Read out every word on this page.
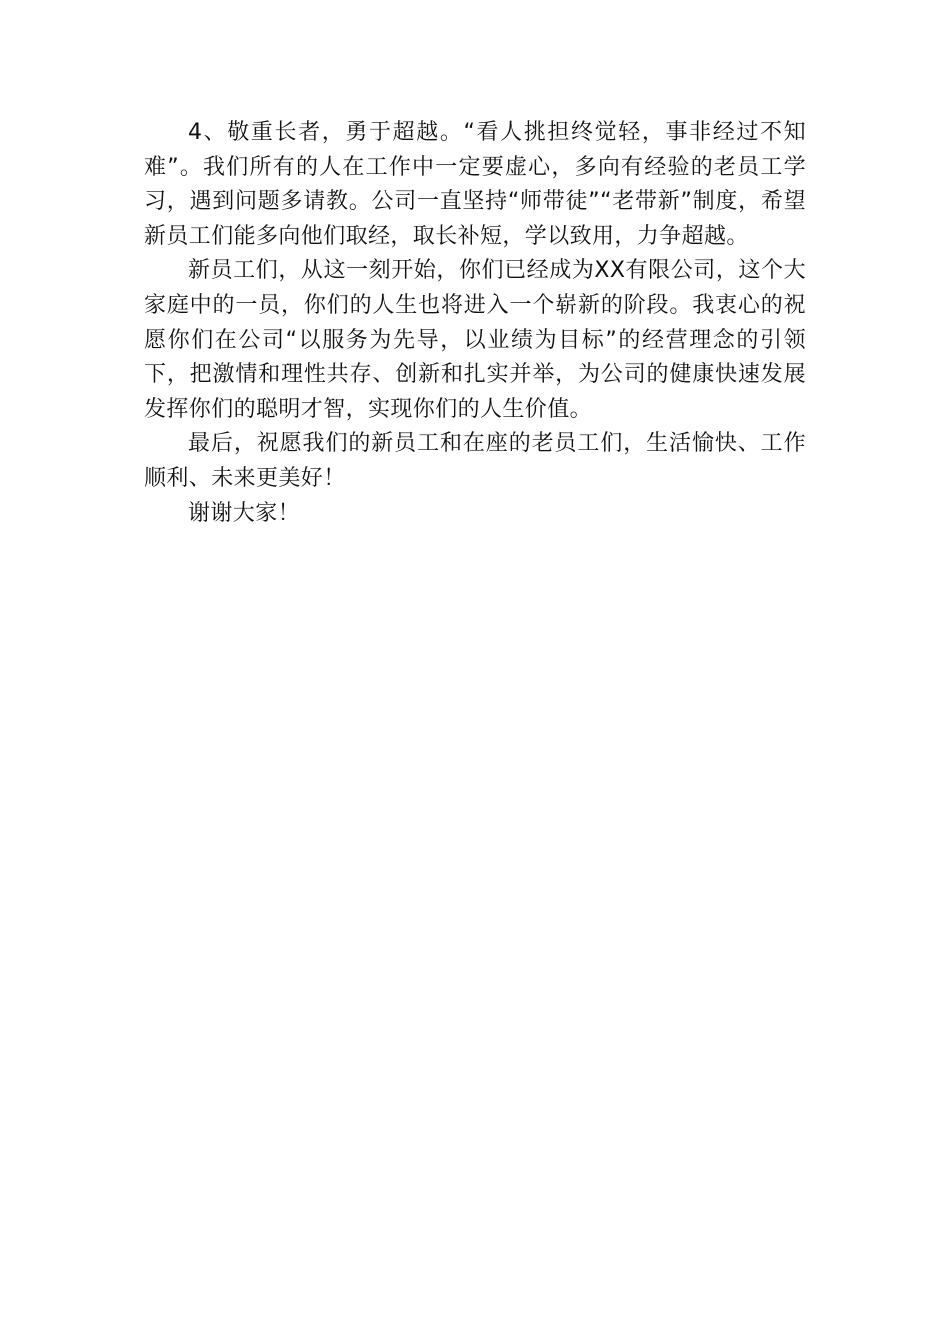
4、敬重长者，勇于超越。“看人挑担终觉轻，事非经过不知难”。我们所有的人在工作中一定要虚心，多向有经验的老员工学习，遇到问题多请教。公司一直坚持“师带徒”“老带新”制度，希望新员工们能多向他们取经，取长补短，学以致用，力争超越。

新员工们，从这一刻开始，你们已经成为XX有限公司，这个大家庭中的一员，你们的人生也将进入一个崭新的阶段。我衷心的祝愿你们在公司“以服务为先导，以业绩为目标”的经营理念的引领下，把激情和理性共存、创新和扎实并举，为公司的健康快速发展发挥你们的聪明才智，实现你们的人生价值。

最后，祝愿我们的新员工和在座的老员工们，生活愉快、工作顺利、未来更美好！

谢谢大家！
